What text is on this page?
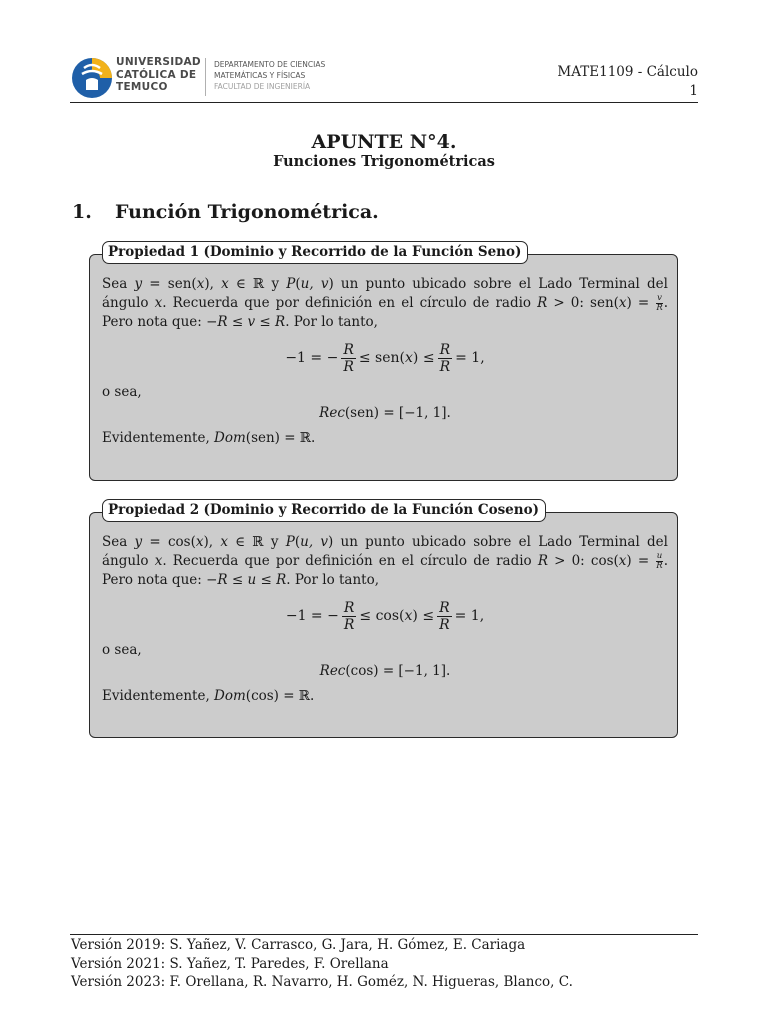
UNIVERSIDAD
CATÓLICA DE
TEMUCO
DEPARTAMENTO DE CIENCIAS
MATEMÁTICAS Y FÍSICAS
FACULTAD DE INGENIERÍA
MATE1109 - Cálculo
1
APUNTE N°4.
Funciones Trigonométricas
1. Función Trigonométrica.
Propiedad 1 (Dominio y Recorrido de la Función Seno)

Sea y = sen(x), x ∈ ℝ y P(u, v) un punto ubicado sobre el Lado Terminal del ángulo x. Recuerda que por definición en el círculo de radio R > 0: $sen(x) = \frac{v}{R}$ . Pero nota que: −R ≤ v ≤ R. Por lo tanto,

−1 = − $\frac{R}{R} \le sen$( x ) ≤ $\frac{R}{R} = 1$,

o sea,

Rec(sen) = [−1, 1].

Evidentemente, Dom(sen) = ℝ.

Propiedad 2 (Dominio y Recorrido de la Función Coseno)

Sea y = cos(x), x ∈ ℝ y P(u, v) un punto ubicado sobre el Lado Terminal del ángulo x. Recuerda que por definición en el círculo de radio R > 0: $\cos(x) = \frac{u}{R}$ . Pero nota que: −R ≤ u ≤ R. Por lo tanto,

−1 = − $\frac{R}{R} \le \cos$( x ) ≤ $\frac{R}{R} = 1$,

o sea,

Rec(cos) = [−1, 1].

Evidentemente, Dom(cos) = ℝ.

Versión 2019: S. Yañez, V. Carrasco, G. Jara, H. Gómez, E. Cariaga
Versión 2021: S. Yañez, T. Paredes, F. Orellana
Versión 2023: F. Orellana, R. Navarro, H. Goméz, N. Higueras, Blanco, C.
